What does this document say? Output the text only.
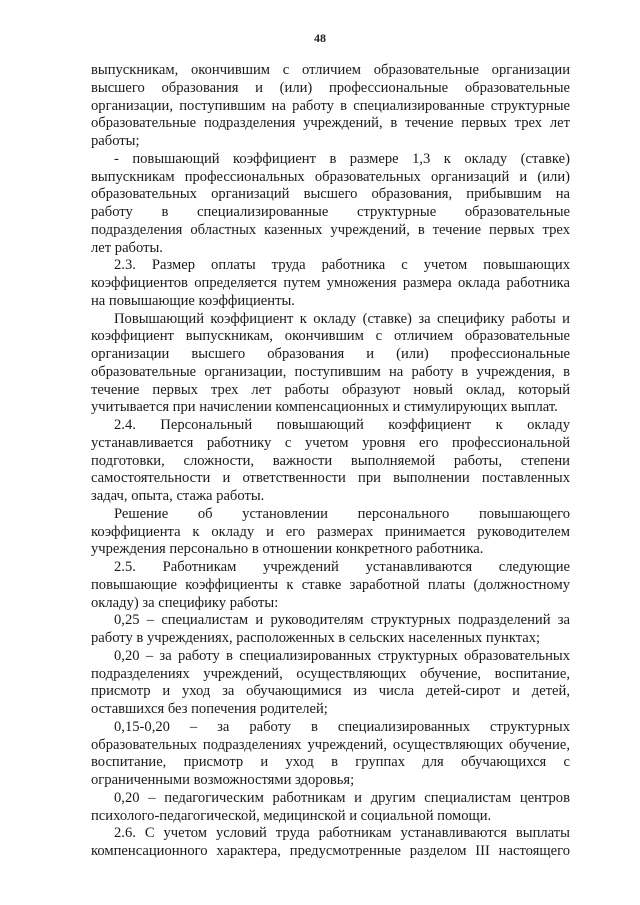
48

выпускникам, окончившим с отличием образовательные организации

высшего образования и (или) профессиональные образовательные

организации, поступившим на работу в специализированные структурные

образовательные подразделения учреждений, в течение первых трех лет

работы;

- повышающий коэффициент в размере 1,3 к окладу (ставке)

выпускникам профессиональных образовательных организаций и (или)

образовательных организаций высшего образования, прибывшим на

работу в специализированные структурные образовательные

подразделения областных казенных учреждений, в течение первых трех

лет работы.

2.3. Размер оплаты труда работника с учетом повышающих

коэффициентов определяется путем умножения размера оклада работника

на повышающие коэффициенты.

Повышающий коэффициент к окладу (ставке) за специфику работы и

коэффициент выпускникам, окончившим с отличием образовательные

организации высшего образования и (или) профессиональные

образовательные организации, поступившим на работу в учреждения, в

течение первых трех лет работы образуют новый оклад, который

учитывается при начислении компенсационных и стимулирующих выплат.

2.4. Персональный повышающий коэффициент к окладу

устанавливается работнику с учетом уровня его профессиональной

подготовки, сложности, важности выполняемой работы, степени

самостоятельности и ответственности при выполнении поставленных

задач, опыта, стажа работы.

Решение об установлении персонального повышающего

коэффициента к окладу и его размерах принимается руководителем

учреждения персонально в отношении конкретного работника.

2.5. Работникам учреждений устанавливаются следующие

повышающие коэффициенты к ставке заработной платы (должностному

окладу) за специфику работы:

0,25 – специалистам и руководителям структурных подразделений за

работу в учреждениях, расположенных в сельских населенных пунктах;

0,20 – за работу в специализированных структурных образовательных

подразделениях учреждений, осуществляющих обучение, воспитание,

присмотр и уход за обучающимися из числа детей-сирот и детей,

оставшихся без попечения родителей;

0,15-0,20 – за работу в специализированных структурных

образовательных подразделениях учреждений, осуществляющих обучение,

воспитание, присмотр и уход в группах для обучающихся с

ограниченными возможностями здоровья;

0,20 – педагогическим работникам и другим специалистам центров

психолого-педагогической, медицинской и социальной помощи.

2.6. С учетом условий труда работникам устанавливаются выплаты

компенсационного характера, предусмотренные разделом III настоящего
